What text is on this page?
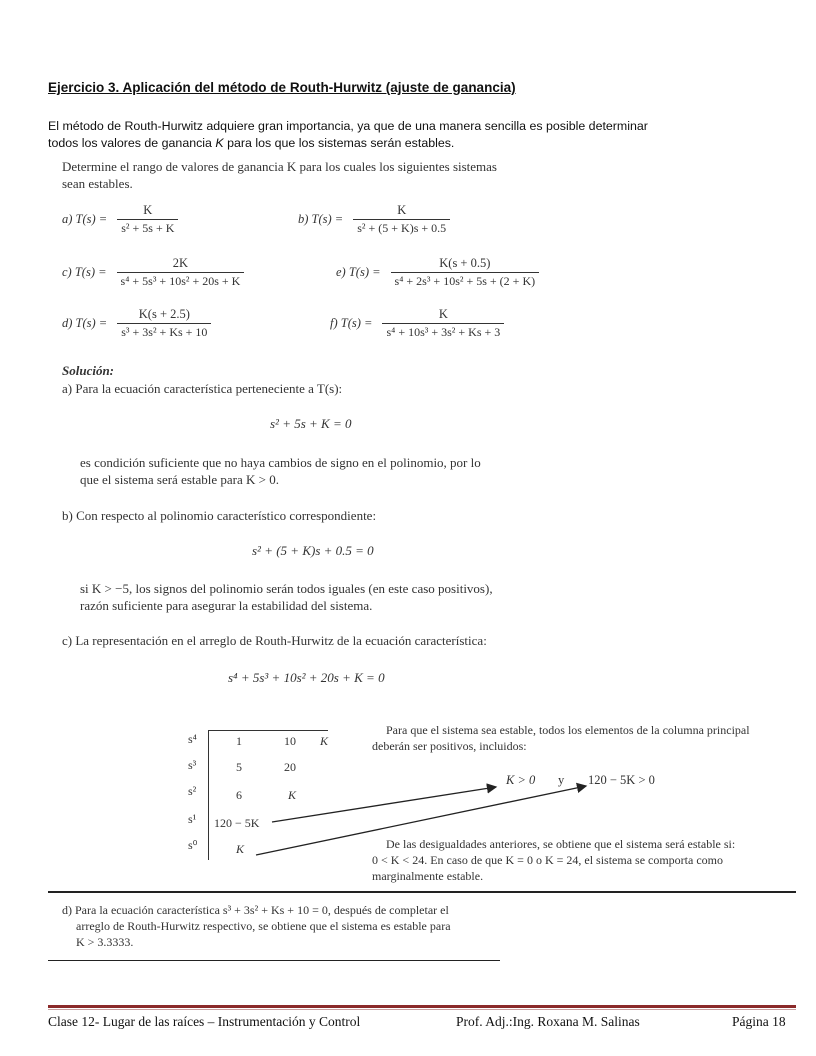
Ejercicio 3. Aplicación del método de Routh-Hurwitz (ajuste de ganancia)
El método de Routh-Hurwitz adquiere gran importancia, ya que de una manera sencilla es posible determinar
todos los valores de ganancia K para los que los sistemas serán estables.
Determine el rango de valores de ganancia K para los cuales los siguientes sistemas
sean estables.
a) $T(s) = \frac{K}{\text{s² + 5s + K}}$	b) $T(s) = \frac{K}{\text{s² + (5 + K)s + 0.5}}$
c) $T(s) = \frac{2K}{\text{s⁴ + 5s³ + 10s² + 20s + K}}$	e) $T(s) = \frac{K(s + 0.5)}{\text{s⁴ + 2s³ + 10s² + 5s + (2 + K)}}$
d) $T(s) = \frac{K(s + 2.5)}{\text{s³ + 3s² + Ks + 10}}$	f) $T(s) = \frac{K}{\text{s⁴ + 10s³ + 3s² + Ks + 3}}$
Solución:
a) Para la ecuación característica perteneciente a T(s):
s² + 5s + K = 0
es condición suficiente que no haya cambios de signo en el polinomio, por lo
que el sistema será estable para K > 0.
b) Con respecto al polinomio característico correspondiente:
s² + (5 + K)s + 0.5 = 0
si K > −5, los signos del polinomio serán todos iguales (en este caso positivos),
razón suficiente para asegurar la estabilidad del sistema.
c) La representación en el arreglo de Routh-Hurwitz de la ecuación característica:
s⁴ + 5s³ + 10s² + 20s + K = 0
s⁴	1	10 K
s³	5	20
s²	6	K
s¹ 120 − 5K
s⁰	K
Para que el sistema sea estable, todos los elementos de la columna principal
deberán ser positivos, incluidos:
K > 0 y 120 − 5K > 0
De las desigualdades anteriores, se obtiene que el sistema será estable si:
0 < K < 24. En caso de que K = 0 o K = 24, el sistema se comporta como
marginalmente estable.
d) Para la ecuación característica s³ + 3s² + Ks + 10 = 0, después de completar el
arreglo de Routh-Hurwitz respectivo, se obtiene que el sistema es estable para
K > 3.3333.
Clase 12- Lugar de las raíces – Instrumentación y Control	Prof. Adj.:Ing. Roxana M. Salinas	Página 18
